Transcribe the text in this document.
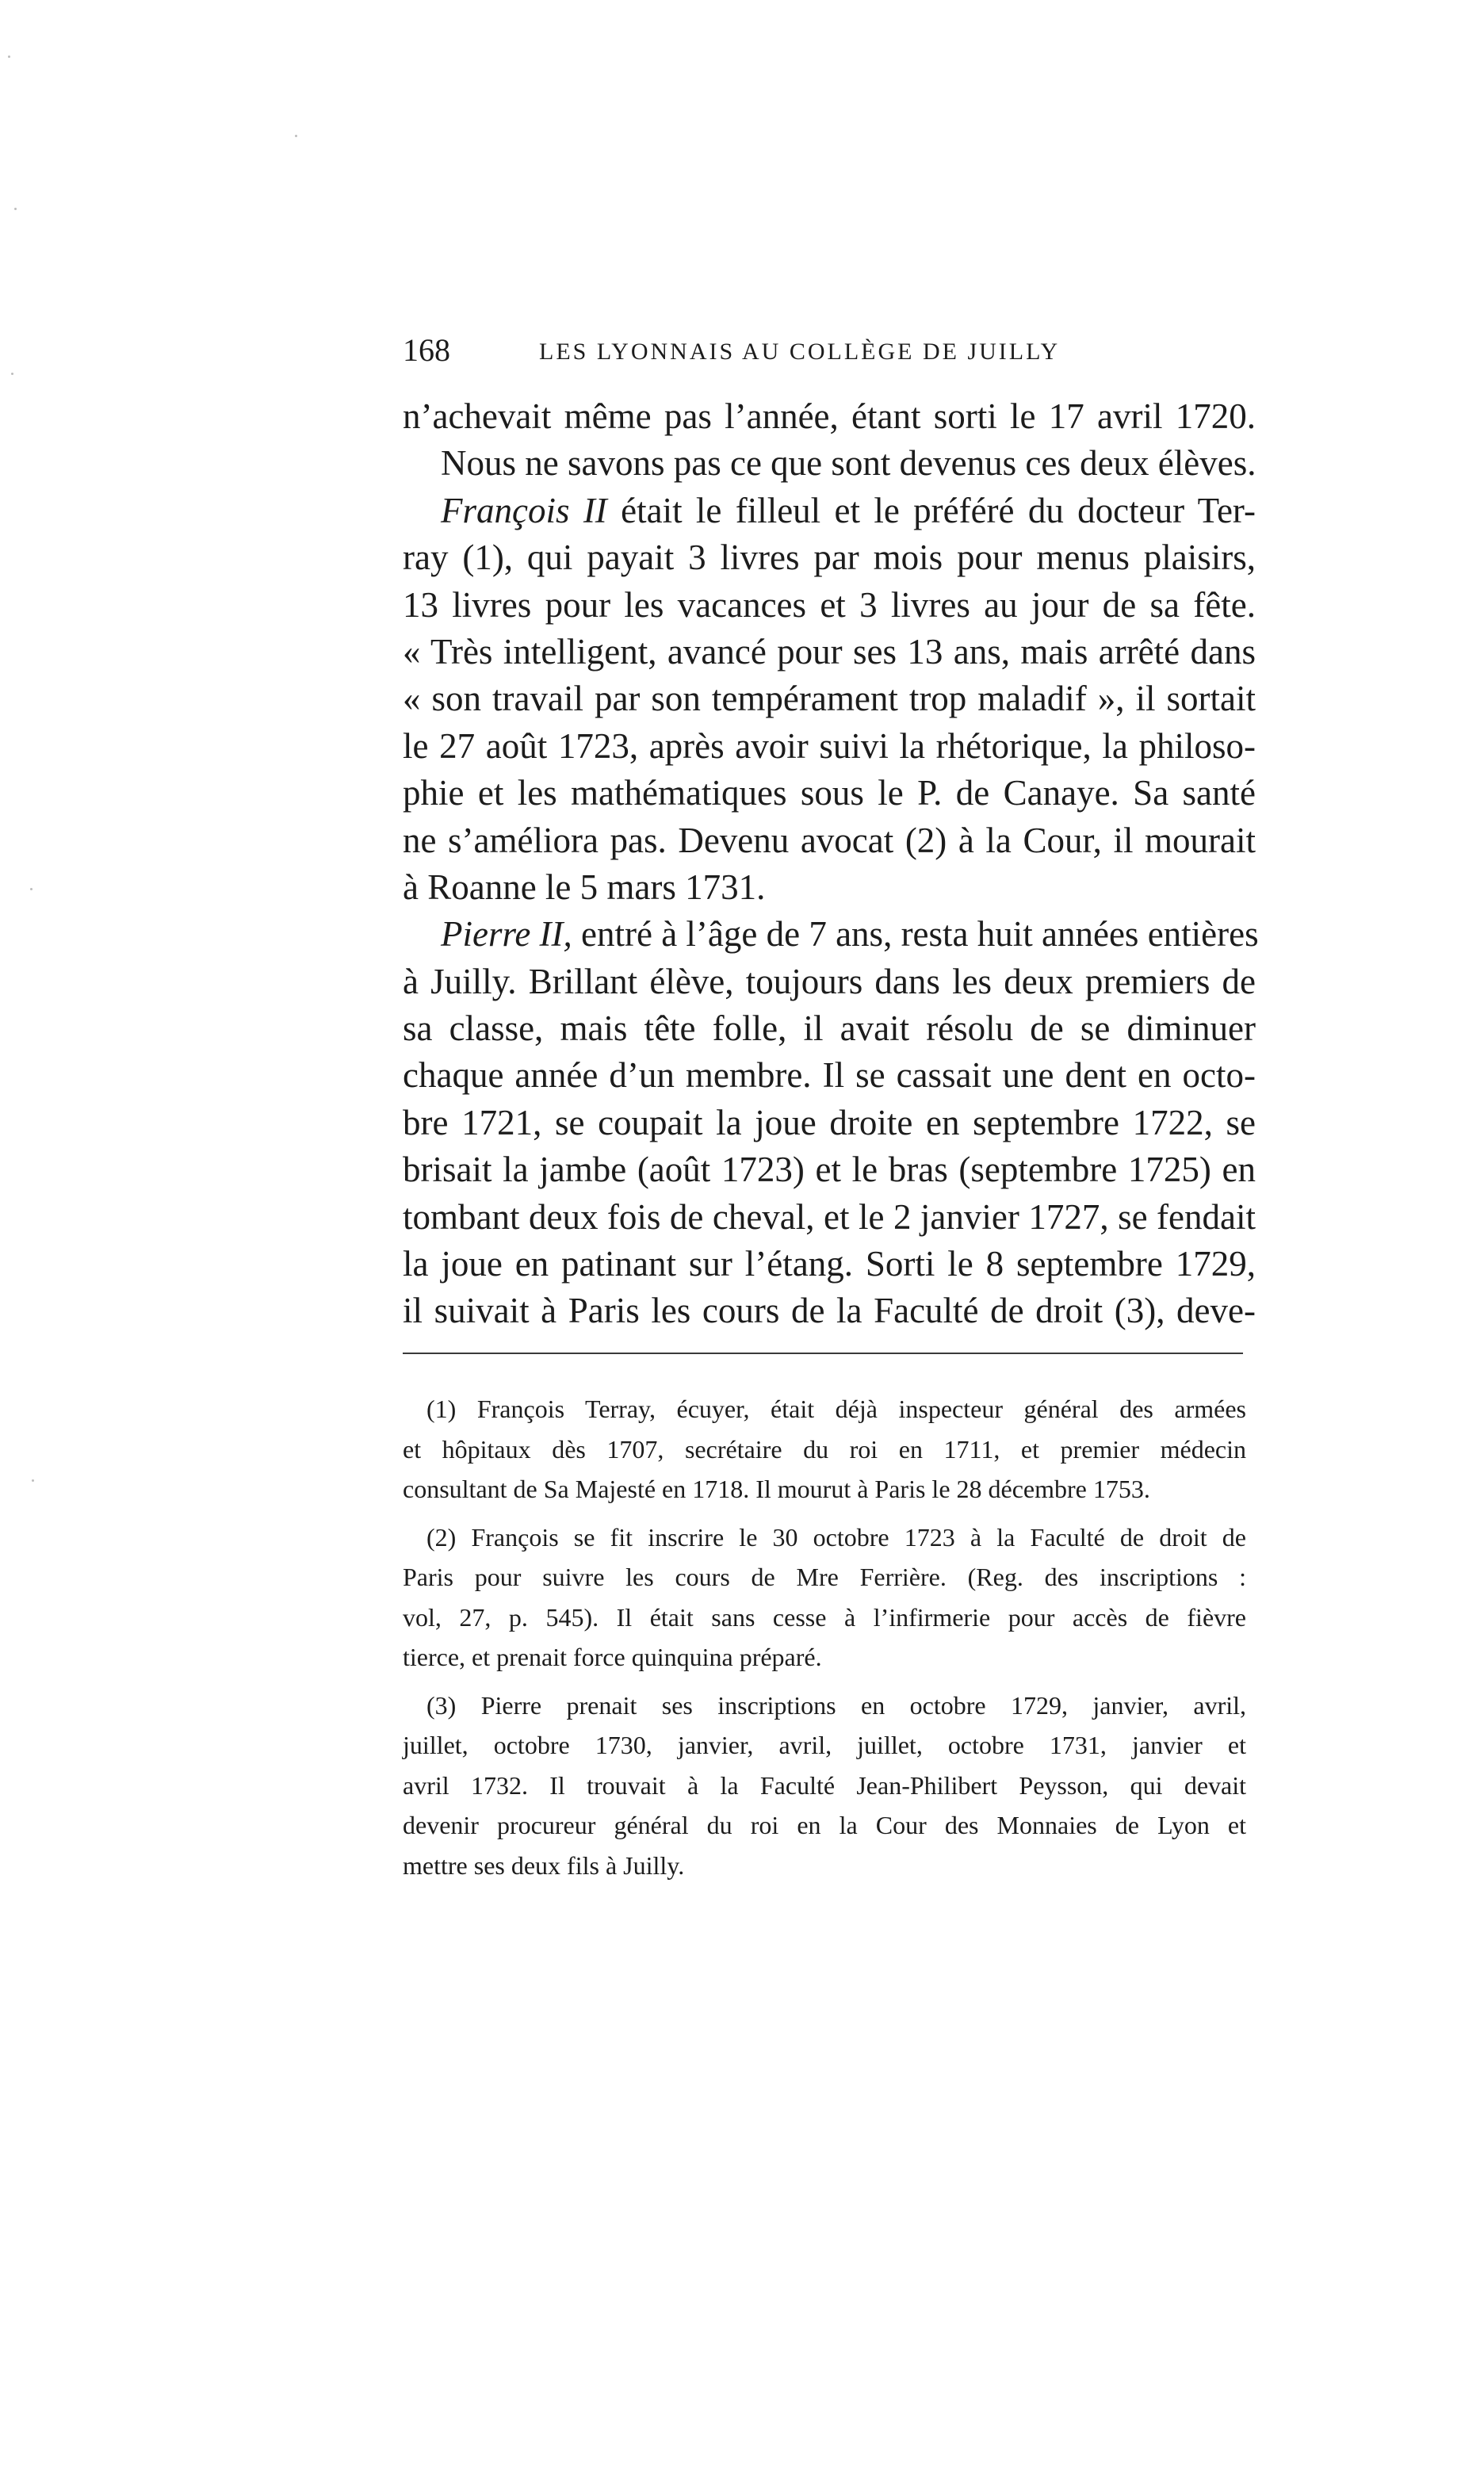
168	LES LYONNAIS AU COLLÈGE DE JUILLY
n’achevait même pas l’année, étant sorti le 17 avril 1720.
Nous ne savons pas ce que sont devenus ces deux élèves.
François II était le filleul et le préféré du docteur Ter-
ray (1), qui payait 3 livres par mois pour menus plaisirs,
13 livres pour les vacances et 3 livres au jour de sa fête.
« Très intelligent, avancé pour ses 13 ans, mais arrêté dans
« son travail par son tempérament trop maladif », il sortait
le 27 août 1723, après avoir suivi la rhétorique, la philoso-
phie et les mathématiques sous le P. de Canaye. Sa santé
ne s’améliora pas. Devenu avocat (2) à la Cour, il mourait
à Roanne le 5 mars 1731.
Pierre II, entré à l’âge de 7 ans, resta huit années entières
à Juilly. Brillant élève, toujours dans les deux premiers de
sa classe, mais tête folle, il avait résolu de se diminuer
chaque année d’un membre. Il se cassait une dent en octo-
bre 1721, se coupait la joue droite en septembre 1722, se
brisait la jambe (août 1723) et le bras (septembre 1725) en
tombant deux fois de cheval, et le 2 janvier 1727, se fendait
la joue en patinant sur l’étang. Sorti le 8 septembre 1729,
il suivait à Paris les cours de la Faculté de droit (3), deve-
(1) François Terray, écuyer, était déjà inspecteur général des armées
et hôpitaux dès 1707, secrétaire du roi en 1711, et premier médecin
consultant de Sa Majesté en 1718. Il mourut à Paris le 28 décembre 1753.
(2) François se fit inscrire le 30 octobre 1723 à la Faculté de droit de
Paris pour suivre les cours de Mre Ferrière. (Reg. des inscriptions :
vol, 27, p. 545). Il était sans cesse à l’infirmerie pour accès de fièvre
tierce, et prenait force quinquina préparé.
(3) Pierre prenait ses inscriptions en octobre 1729, janvier, avril,
juillet, octobre 1730, janvier, avril, juillet, octobre 1731, janvier et
avril 1732. Il trouvait à la Faculté Jean-Philibert Peysson, qui devait
devenir procureur général du roi en la Cour des Monnaies de Lyon et
mettre ses deux fils à Juilly.
